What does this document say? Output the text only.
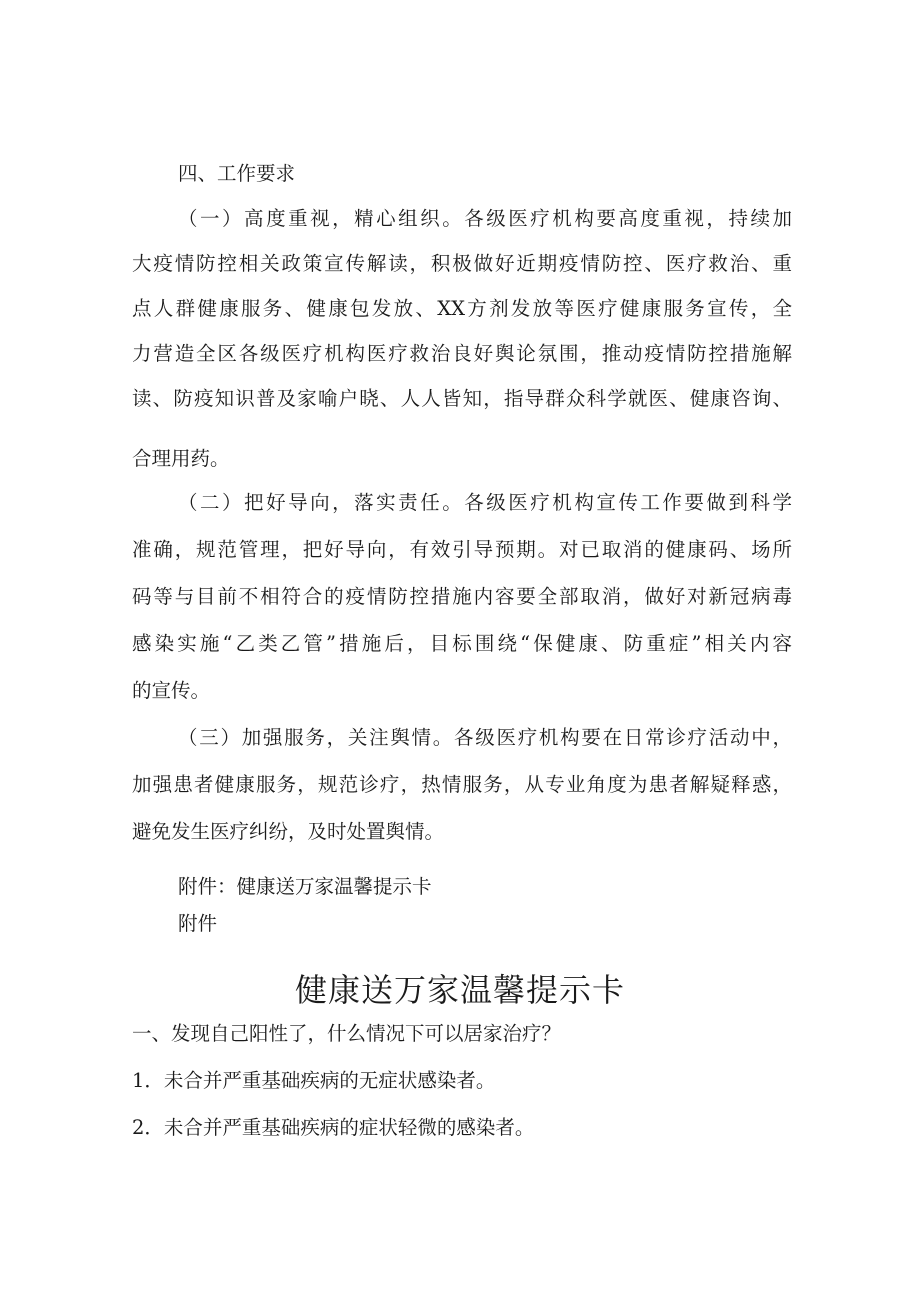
四、工作要求
（一）高度重视，精心组织。各级医疗机构要高度重视，持续加
大疫情防控相关政策宣传解读，积极做好近期疫情防控、医疗救治、重
点人群健康服务、健康包发放、XX方剂发放等医疗健康服务宣传，全
力营造全区各级医疗机构医疗救治良好舆论氛围，推动疫情防控措施解
读、防疫知识普及家喻户晓、人人皆知，指导群众科学就医、健康咨询、
合理用药。
（二）把好导向，落实责任。各级医疗机构宣传工作要做到科学
准确，规范管理，把好导向，有效引导预期。对已取消的健康码、场所
码等与目前不相符合的疫情防控措施内容要全部取消，做好对新冠病毒
感染实施“乙类乙管”措施后，目标围绕“保健康、防重症”相关内容
的宣传。
（三）加强服务，关注舆情。各级医疗机构要在日常诊疗活动中，
加强患者健康服务，规范诊疗，热情服务，从专业角度为患者解疑释惑，
避免发生医疗纠纷，及时处置舆情。
附件：健康送万家温馨提示卡
附件
健康送万家温馨提示卡
一、发现自己阳性了，什么情况下可以居家治疗？
1．未合并严重基础疾病的无症状感染者。
2．未合并严重基础疾病的症状轻微的感染者。
